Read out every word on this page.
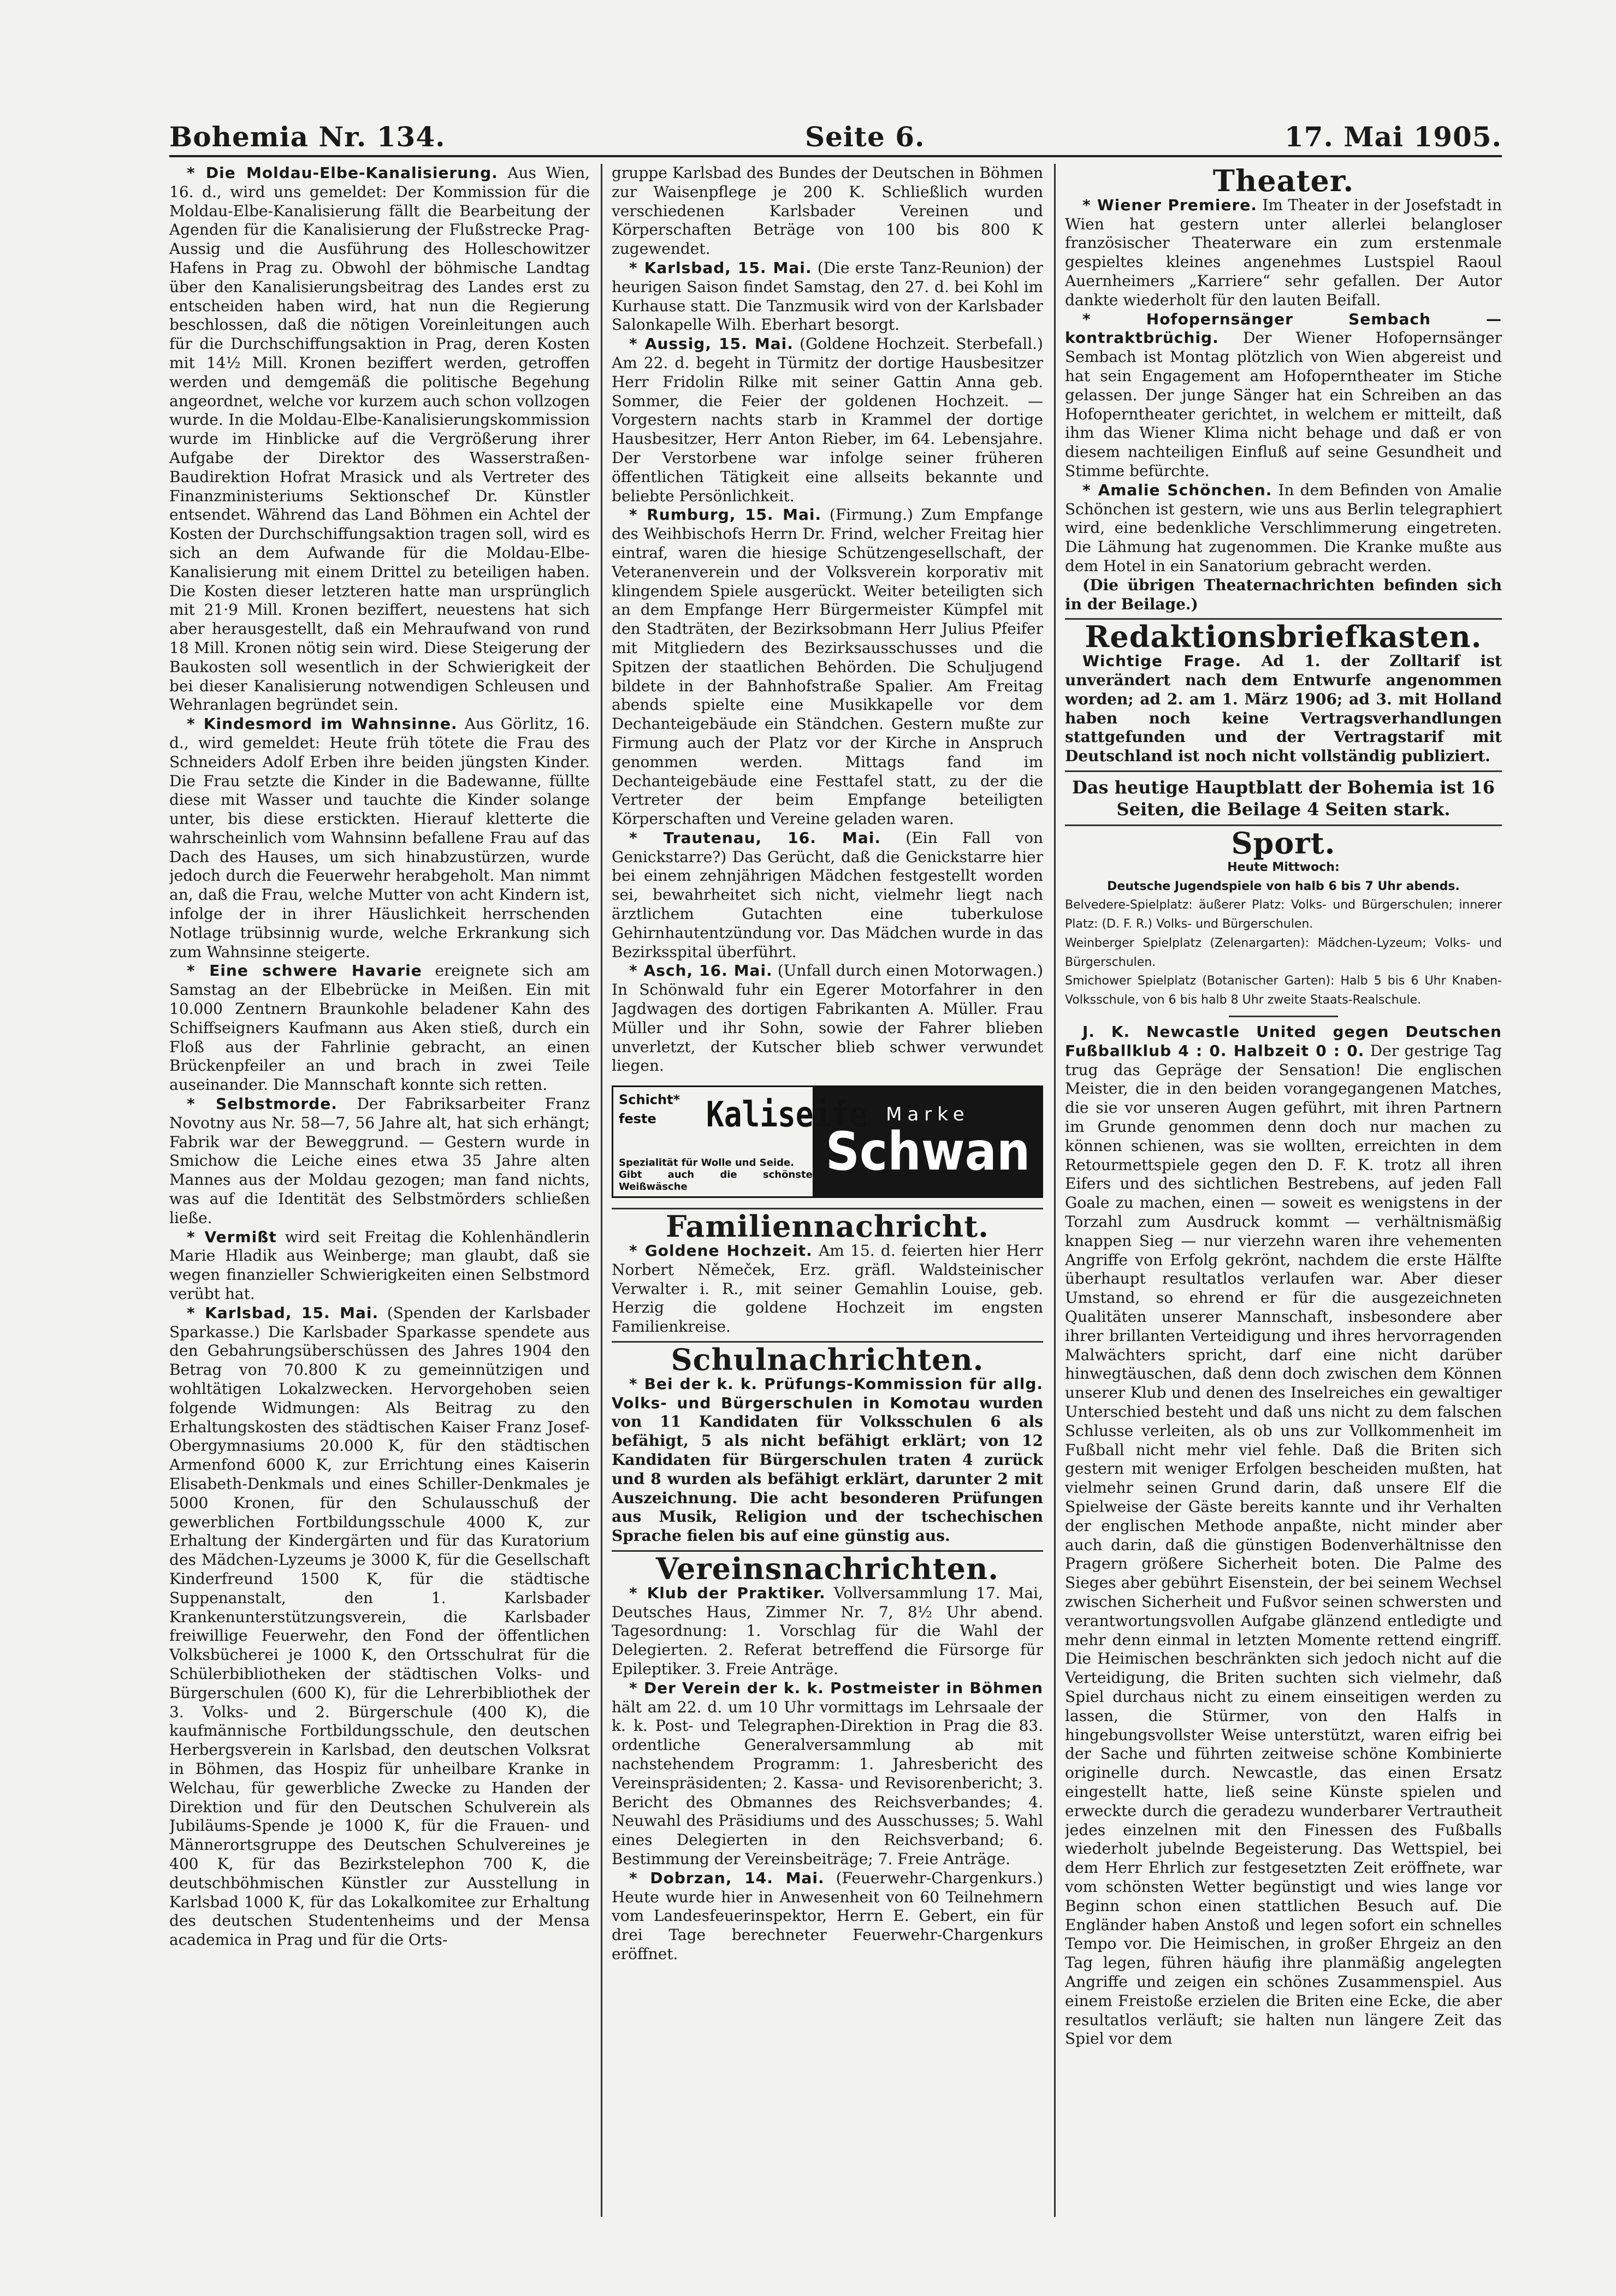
Bohemia Nr. 134.	Seite 6.	17. Mai 1905.

* Die Moldau-Elbe-Kanalisierung. Aus Wien, 16. d., wird uns gemeldet: Der Kommission für die Moldau-Elbe-Kanalisierung fällt die Bearbeitung der Agenden für die Kanalisierung der Flußstrecke Prag-Aussig und die Ausführung des Holleschowitzer Hafens in Prag zu. Obwohl der böhmische Landtag über den Kanalisierungsbeitrag des Landes erst zu entscheiden haben wird, hat nun die Regierung beschlossen, daß die nötigen Voreinleitungen auch für die Durchschiffungsaktion in Prag, deren Kosten mit 14½ Mill. Kronen beziffert werden, getroffen werden und demgemäß die politische Begehung angeordnet, welche vor kurzem auch schon vollzogen wurde. In die Moldau-Elbe-Kanalisierungskommission wurde im Hinblicke auf die Vergrößerung ihrer Aufgabe der Direktor des Wasserstraßen-Baudirektion Hofrat Mrasick und als Vertreter des Finanzministeriums Sektionschef Dr. Künstler entsendet. Während das Land Böhmen ein Achtel der Kosten der Durchschiffungsaktion tragen soll, wird es sich an dem Aufwande für die Moldau-Elbe-Kanalisierung mit einem Drittel zu beteiligen haben. Die Kosten dieser letzteren hatte man ursprünglich mit 21·9 Mill. Kronen beziffert, neuestens hat sich aber herausgestellt, daß ein Mehraufwand von rund 18 Mill. Kronen nötig sein wird. Diese Steigerung der Baukosten soll wesentlich in der Schwierigkeit der bei dieser Kanalisierung notwendigen Schleusen und Wehranlagen begründet sein.

* Kindesmord im Wahnsinne. Aus Görlitz, 16. d., wird gemeldet: Heute früh tötete die Frau des Schneiders Adolf Erben ihre beiden jüngsten Kinder. Die Frau setzte die Kinder in die Badewanne, füllte diese mit Wasser und tauchte die Kinder solange unter, bis diese erstickten. Hierauf kletterte die wahrscheinlich vom Wahnsinn befallene Frau auf das Dach des Hauses, um sich hinabzustürzen, wurde jedoch durch die Feuerwehr herabgeholt. Man nimmt an, daß die Frau, welche Mutter von acht Kindern ist, infolge der in ihrer Häuslichkeit herrschenden Notlage trübsinnig wurde, welche Erkrankung sich zum Wahnsinne steigerte.

* Eine schwere Havarie ereignete sich am Samstag an der Elbebrücke in Meißen. Ein mit 10.000 Zentnern Braunkohle beladener Kahn des Schiffseigners Kaufmann aus Aken stieß, durch ein Floß aus der Fahrlinie gebracht, an einen Brückenpfeiler an und brach in zwei Teile auseinander. Die Mannschaft konnte sich retten.

* Selbstmorde. Der Fabriksarbeiter Franz Novotny aus Nr. 58—7, 56 Jahre alt, hat sich erhängt; Fabrik war der Beweggrund. — Gestern wurde in Smichow die Leiche eines etwa 35 Jahre alten Mannes aus der Moldau gezogen; man fand nichts, was auf die Identität des Selbstmörders schließen ließe.

* Vermißt wird seit Freitag die Kohlenhändlerin Marie Hladik aus Weinberge; man glaubt, daß sie wegen finanzieller Schwierigkeiten einen Selbstmord verübt hat.

* Karlsbad, 15. Mai. (Spenden der Karlsbader Sparkasse.) Die Karlsbader Sparkasse spendete aus den Gebahrungsüberschüssen des Jahres 1904 den Betrag von 70.800 K zu gemeinnützigen und wohltätigen Lokalzwecken. Hervorgehoben seien folgende Widmungen: Als Beitrag zu den Erhaltungskosten des städtischen Kaiser Franz Josef-Obergymnasiums 20.000 K, für den städtischen Armenfond 6000 K, zur Errichtung eines Kaiserin Elisabeth-Denkmals und eines Schiller-Denkmales je 5000 Kronen, für den Schulausschuß der gewerblichen Fortbildungsschule 4000 K, zur Erhaltung der Kindergärten und für das Kuratorium des Mädchen-Lyzeums je 3000 K, für die Gesellschaft Kinderfreund 1500 K, für die städtische Suppenanstalt, den 1. Karlsbader Krankenunterstützungsverein, die Karlsbader freiwillige Feuerwehr, den Fond der öffentlichen Volksbücherei je 1000 K, den Ortsschulrat für die Schülerbibliotheken der städtischen Volks- und Bürgerschulen (600 K), für die Lehrerbibliothek der 3. Volks- und 2. Bürgerschule (400 K), die kaufmännische Fortbildungsschule, den deutschen Herbergsverein in Karlsbad, den deutschen Volksrat in Böhmen, das Hospiz für unheilbare Kranke in Welchau, für gewerbliche Zwecke zu Handen der Direktion und für den Deutschen Schulverein als Jubiläums-Spende je 1000 K, für die Frauen- und Männerortsgruppe des Deutschen Schulvereines je 400 K, für das Bezirkstelephon 700 K, die deutschböhmischen Künstler zur Ausstellung in Karlsbad 1000 K, für das Lokalkomitee zur Erhaltung des deutschen Studentenheims und der Mensa academica in Prag und für die Orts-

gruppe Karlsbad des Bundes der Deutschen in Böhmen zur Waisenpflege je 200 K. Schließlich wurden verschiedenen Karlsbader Vereinen und Körperschaften Beträge von 100 bis 800 K zugewendet.

* Karlsbad, 15. Mai. (Die erste Tanz-Reunion) der heurigen Saison findet Samstag, den 27. d. bei Kohl im Kurhause statt. Die Tanzmusik wird von der Karlsbader Salonkapelle Wilh. Eberhart besorgt.

* Aussig, 15. Mai. (Goldene Hochzeit. Sterbefall.) Am 22. d. begeht in Türmitz der dortige Hausbesitzer Herr Fridolin Rilke mit seiner Gattin Anna geb. Sommer, die Feier der goldenen Hochzeit. — Vorgestern nachts starb in Krammel der dortige Hausbesitzer, Herr Anton Rieber, im 64. Lebensjahre. Der Verstorbene war infolge seiner früheren öffentlichen Tätigkeit eine allseits bekannte und beliebte Persönlichkeit.

* Rumburg, 15. Mai. (Firmung.) Zum Empfange des Weihbischofs Herrn Dr. Frind, welcher Freitag hier eintraf, waren die hiesige Schützengesellschaft, der Veteranenverein und der Volksverein korporativ mit klingendem Spiele ausgerückt. Weiter beteiligten sich an dem Empfange Herr Bürgermeister Kümpfel mit den Stadträten, der Bezirksobmann Herr Julius Pfeifer mit Mitgliedern des Bezirksausschusses und die Spitzen der staatlichen Behörden. Die Schuljugend bildete in der Bahnhofstraße Spalier. Am Freitag abends spielte eine Musikkapelle vor dem Dechanteigebäude ein Ständchen. Gestern mußte zur Firmung auch der Platz vor der Kirche in Anspruch genommen werden. Mittags fand im Dechanteigebäude eine Festtafel statt, zu der die Vertreter der beim Empfange beteiligten Körperschaften und Vereine geladen waren.

* Trautenau, 16. Mai. (Ein Fall von Genickstarre?) Das Gerücht, daß die Genickstarre hier bei einem zehnjährigen Mädchen festgestellt worden sei, bewahrheitet sich nicht, vielmehr liegt nach ärztlichem Gutachten eine tuberkulose Gehirnhautentzündung vor. Das Mädchen wurde in das Bezirksspital überführt.

* Asch, 16. Mai. (Unfall durch einen Motorwagen.) In Schönwald fuhr ein Egerer Motorfahrer in den Jagdwagen des dortigen Fabrikanten A. Müller. Frau Müller und ihr Sohn, sowie der Fahrer blieben unverletzt, der Kutscher blieb schwer verwundet liegen.

Schicht*
feste	Kaliseife
Spezialität für Wolle und Seide.
Gibt auch die schönste Weißwäsche
Marke
Schwan
Familiennachricht.

* Goldene Hochzeit. Am 15. d. feierten hier Herr Norbert Němeček, Erz. gräfl. Waldsteinischer Verwalter i. R., mit seiner Gemahlin Louise, geb. Herzig die goldene Hochzeit im engsten Familienkreise.

Schulnachrichten.

* Bei der k. k. Prüfungs-Kommission für allg. Volks- und Bürgerschulen in Komotau wurden von 11 Kandidaten für Volksschulen 6 als befähigt, 5 als nicht befähigt erklärt; von 12 Kandidaten für Bürgerschulen traten 4 zurück und 8 wurden als befähigt erklärt, darunter 2 mit Auszeichnung. Die acht besonderen Prüfungen aus Musik, Religion und der tschechischen Sprache fielen bis auf eine günstig aus.

Vereinsnachrichten.

* Klub der Praktiker. Vollversammlung 17. Mai, Deutsches Haus, Zimmer Nr. 7, 8½ Uhr abend. Tagesordnung: 1. Vorschlag für die Wahl der Delegierten. 2. Referat betreffend die Fürsorge für Epileptiker. 3. Freie Anträge.

* Der Verein der k. k. Postmeister in Böhmen hält am 22. d. um 10 Uhr vormittags im Lehrsaale der k. k. Post- und Telegraphen-Direktion in Prag die 83. ordentliche Generalversammlung ab mit nachstehendem Programm: 1. Jahresbericht des Vereinspräsidenten; 2. Kassa- und Revisorenbericht; 3. Bericht des Obmannes des Reichsverbandes; 4. Neuwahl des Präsidiums und des Ausschusses; 5. Wahl eines Delegierten in den Reichsverband; 6. Bestimmung der Vereinsbeiträge; 7. Freie Anträge.

* Dobrzan, 14. Mai. (Feuerwehr-Chargenkurs.) Heute wurde hier in Anwesenheit von 60 Teilnehmern vom Landesfeuerinspektor, Herrn E. Gebert, ein für drei Tage berechneter Feuerwehr-Chargenkurs eröffnet.

Theater.

* Wiener Premiere. Im Theater in der Josefstadt in Wien hat gestern unter allerlei belangloser französischer Theaterware ein zum erstenmale gespieltes kleines angenehmes Lustspiel Raoul Auernheimers „Karriere“ sehr gefallen. Der Autor dankte wiederholt für den lauten Beifall.

* Hofopernsänger Sembach — kontraktbrüchig. Der Wiener Hofopernsänger Sembach ist Montag plötzlich von Wien abgereist und hat sein Engagement am Hofoperntheater im Stiche gelassen. Der junge Sänger hat ein Schreiben an das Hofoperntheater gerichtet, in welchem er mitteilt, daß ihm das Wiener Klima nicht behage und daß er von diesem nachteiligen Einfluß auf seine Gesundheit und Stimme befürchte.

* Amalie Schönchen. In dem Befinden von Amalie Schönchen ist gestern, wie uns aus Berlin telegraphiert wird, eine bedenkliche Verschlimmerung eingetreten. Die Lähmung hat zugenommen. Die Kranke mußte aus dem Hotel in ein Sanatorium gebracht werden.

(Die übrigen Theaternachrichten befinden sich in der Beilage.)

Redaktionsbriefkasten.

Wichtige Frage. Ad 1. der Zolltarif ist unverändert nach dem Entwurfe angenommen worden; ad 2. am 1. März 1906; ad 3. mit Holland haben noch keine Vertragsverhandlungen stattgefunden und der Vertragstarif mit Deutschland ist noch nicht vollständig publiziert.

Das heutige Hauptblatt der Bohemia ist 16 Seiten, die Beilage 4 Seiten stark.

Sport.

Heute Mittwoch:

Deutsche Jugendspiele von halb 6 bis 7 Uhr abends.

Belvedere-Spielplatz: äußerer Platz: Volks- und Bürgerschulen; innerer Platz: (D. F. R.) Volks- und Bürgerschulen.

Weinberger Spielplatz (Zelenargarten): Mädchen-Lyzeum; Volks- und Bürgerschulen.

Smichower Spielplatz (Botanischer Garten): Halb 5 bis 6 Uhr Knaben-Volksschule, von 6 bis halb 8 Uhr zweite Staats-Realschule.

J. K. Newcastle United gegen Deutschen Fußballklub 4 : 0. Halbzeit 0 : 0. Der gestrige Tag trug das Gepräge der Sensation! Die englischen Meister, die in den beiden vorangegangenen Matches, die sie vor unseren Augen geführt, mit ihren Partnern im Grunde genommen denn doch nur machen zu können schienen, was sie wollten, erreichten in dem Retourmettspiele gegen den D. F. K. trotz all ihren Eifers und des sichtlichen Bestrebens, auf jeden Fall Goale zu machen, einen — soweit es wenigstens in der Torzahl zum Ausdruck kommt — verhältnismäßig knappen Sieg — nur vierzehn waren ihre vehementen Angriffe von Erfolg gekrönt, nachdem die erste Hälfte überhaupt resultatlos verlaufen war. Aber dieser Umstand, so ehrend er für die ausgezeichneten Qualitäten unserer Mannschaft, insbesondere aber ihrer brillanten Verteidigung und ihres hervorragenden Malwächters spricht, darf eine nicht darüber hinwegtäuschen, daß denn doch zwischen dem Können unserer Klub und denen des Inselreiches ein gewaltiger Unterschied besteht und daß uns nicht zu dem falschen Schlusse verleiten, als ob uns zur Vollkommenheit im Fußball nicht mehr viel fehle. Daß die Briten sich gestern mit weniger Erfolgen bescheiden mußten, hat vielmehr seinen Grund darin, daß unsere Elf die Spielweise der Gäste bereits kannte und ihr Verhalten der englischen Methode anpaßte, nicht minder aber auch darin, daß die günstigen Bodenverhältnisse den Pragern größere Sicherheit boten. Die Palme des Sieges aber gebührt Eisenstein, der bei seinem Wechsel zwischen Sicherheit und Fußvor seinen schwersten und verantwortungsvollen Aufgabe glänzend entledigte und mehr denn einmal in letzten Momente rettend eingriff. Die Heimischen beschränkten sich jedoch nicht auf die Verteidigung, die Briten suchten sich vielmehr, daß Spiel durchaus nicht zu einem einseitigen werden zu lassen, die Stürmer, von den Halfs in hingebungsvollster Weise unterstützt, waren eifrig bei der Sache und führten zeitweise schöne Kombinierte originelle durch. Newcastle, das einen Ersatz eingestellt hatte, ließ seine Künste spielen und erweckte durch die geradezu wunderbarer Vertrautheit jedes einzelnen mit den Finessen des Fußballs wiederholt jubelnde Begeisterung. Das Wettspiel, bei dem Herr Ehrlich zur festgesetzten Zeit eröffnete, war vom schönsten Wetter begünstigt und wies lange vor Beginn schon einen stattlichen Besuch auf. Die Engländer haben Anstoß und legen sofort ein schnelles Tempo vor. Die Heimischen, in großer Ehrgeiz an den Tag legen, führen häufig ihre planmäßig angelegten Angriffe und zeigen ein schönes Zusammenspiel. Aus einem Freistoße erzielen die Briten eine Ecke, die aber resultatlos verläuft; sie halten nun längere Zeit das Spiel vor dem
